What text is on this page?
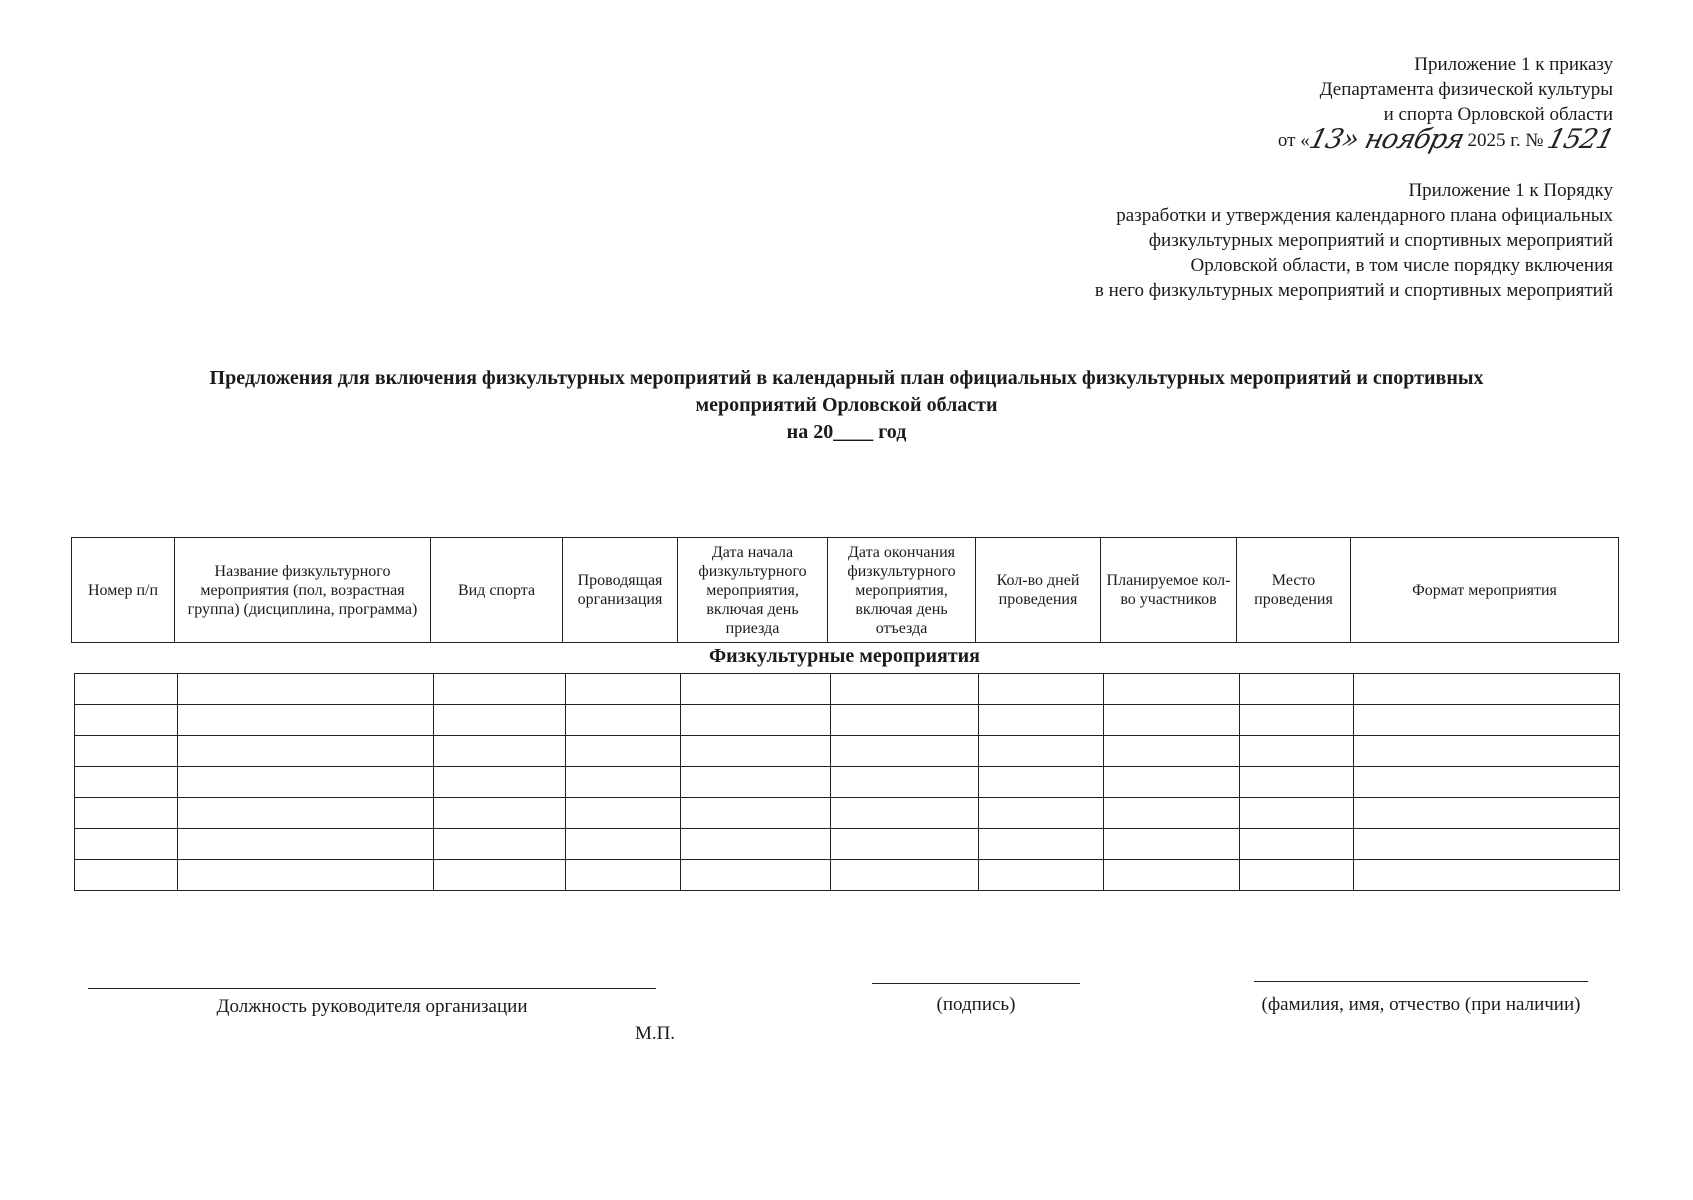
Приложение 1 к приказу
Департамента физической культуры
и спорта Орловской области
от «13» ноября 2025 г. № 1521
Приложение 1 к Порядку
разработки и утверждения календарного плана официальных
физкультурных мероприятий и спортивных мероприятий
Орловской области, в том числе порядку включения
в него физкультурных мероприятий и спортивных мероприятий
Предложения для включения физкультурных мероприятий в календарный план официальных физкультурных мероприятий и спортивных
мероприятий Орловской области
на 20____ год
Номер п/п	Название физкультурного мероприятия (пол, возрастная группа) (дисциплина, программа)	Вид спорта	Проводящая организация	Дата начала физкультурного мероприятия, включая день приезда	Дата окончания физкультурного мероприятия, включая день отъезда	Кол-во дней проведения	Планируемое кол-во участников	Место проведения	Формат мероприятия
Физкультурные мероприятия

Должность руководителя организации	(подпись)	(фамилия, имя, отчество (при наличии)
М.П.
